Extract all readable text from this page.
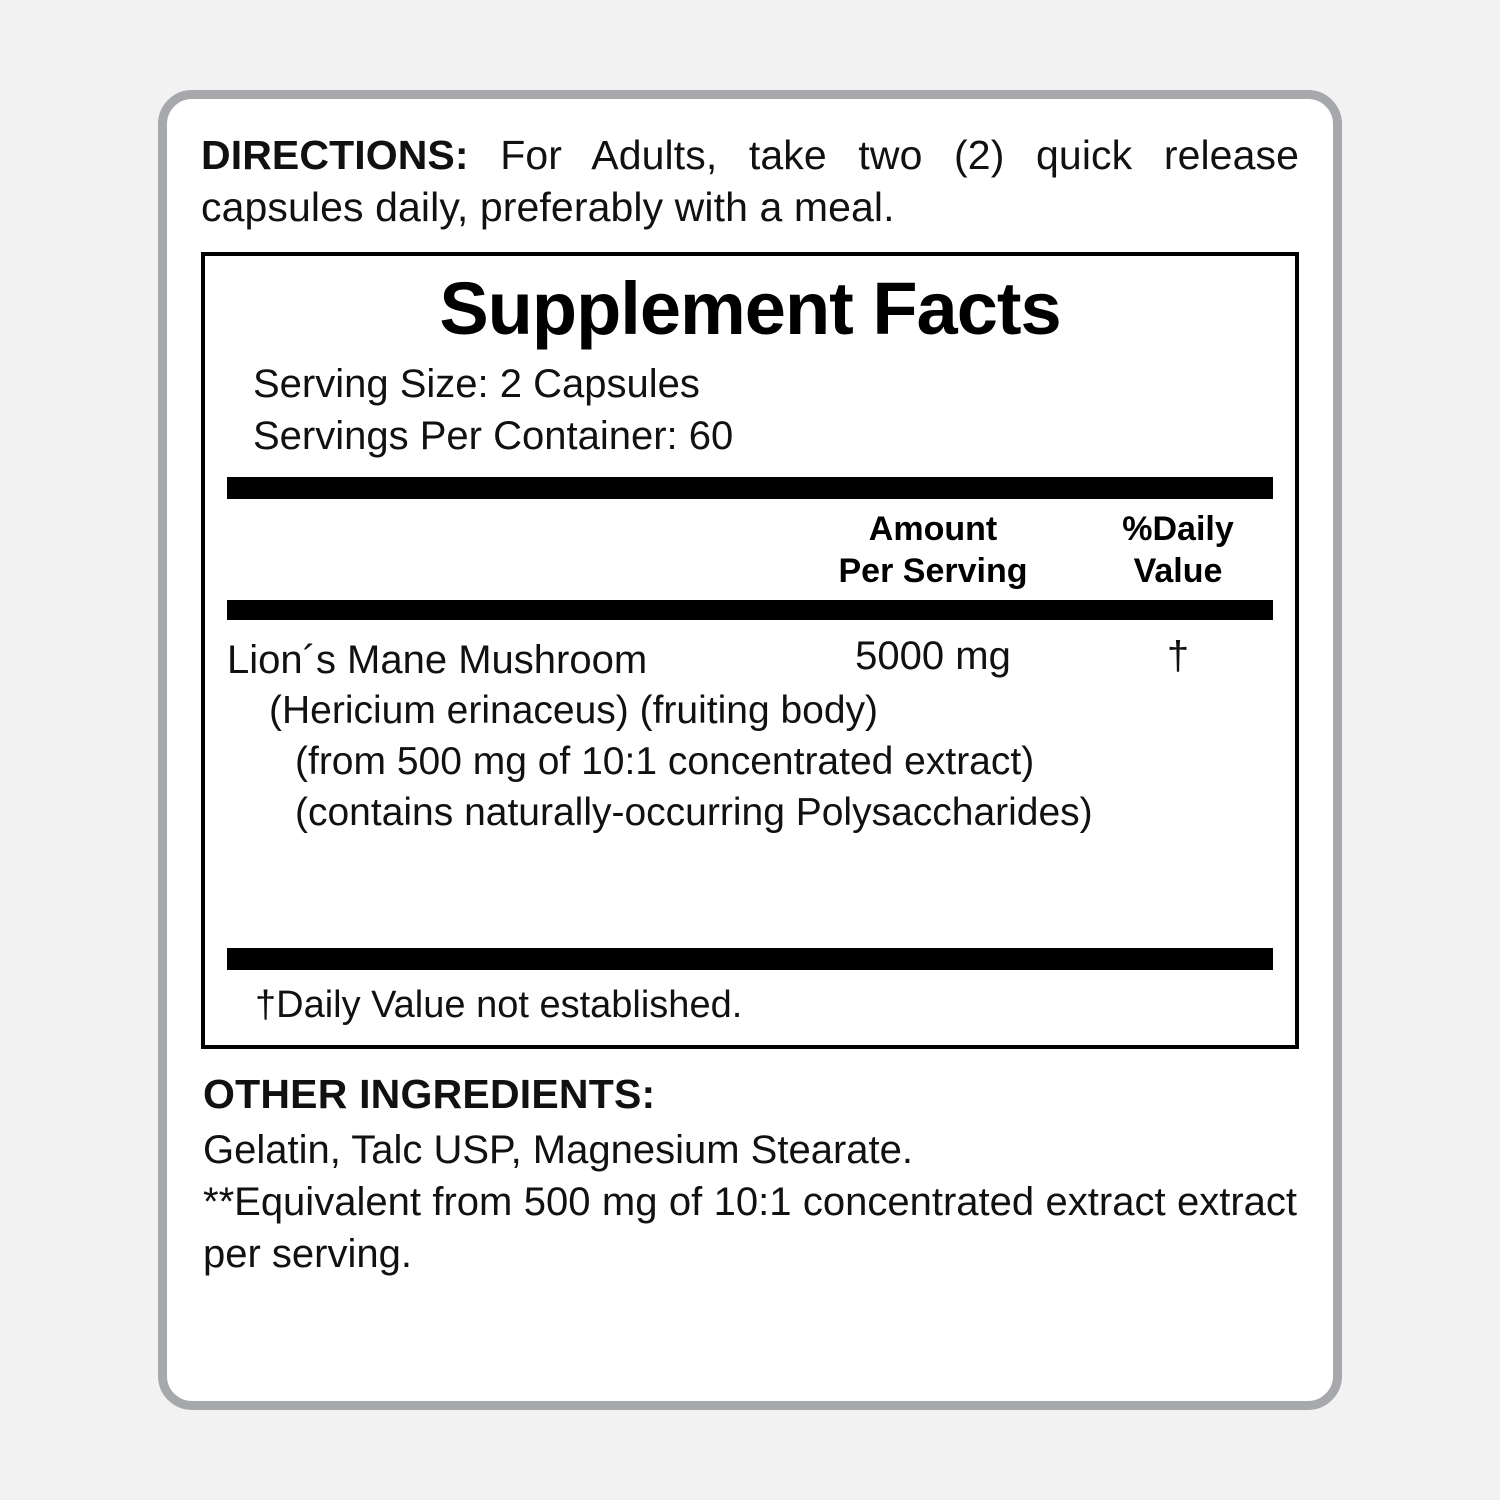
DIRECTIONS: For Adults, take two (2) quick release capsules daily, preferably with a meal.

Supplement Facts
Serving Size: 2 Capsules
Servings Per Container: 60
Amount
Per Serving
%Daily
Value
Lion´s Mane Mushroom	5000 mg	†
(Hericium erinaceus) (fruiting body)
(from 500 mg of 10:1 concentrated extract)
(contains naturally-occurring Polysaccharides)
†Daily Value not established.
OTHER INGREDIENTS:
Gelatin, Talc USP, Magnesium Stearate.
**Equivalent from 500 mg of 10:1 concentrated extract extract per serving.
